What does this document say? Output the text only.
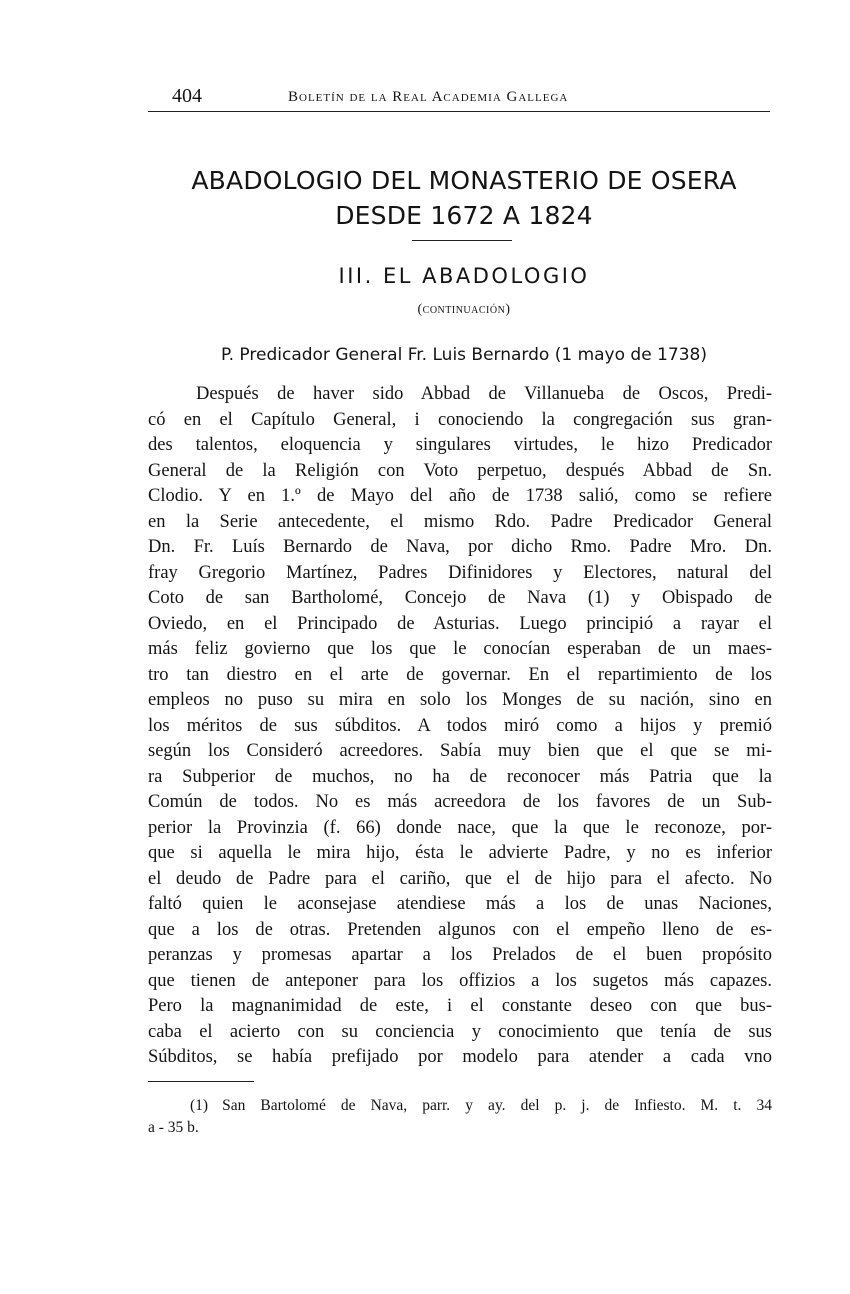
404	Boletín de la Real Academia Gallega
ABADOLOGIO DEL MONASTERIO DE OSERA
DESDE 1672 A 1824
III. EL ABADOLOGIO
(continuación)
P. Predicador General Fr. Luis Bernardo (1 mayo de 1738)
Después de haver sido Abbad de Villanueba de Oscos, Predi-
có en el Capítulo General, i conociendo la congregación sus gran-
des talentos, eloquencia y singulares virtudes, le hizo Predicador
General de la Religión con Voto perpetuo, después Abbad de Sn.
Clodio. Y en 1.º de Mayo del año de 1738 salió, como se refiere
en la Serie antecedente, el mismo Rdo. Padre Predicador General
Dn. Fr. Luís Bernardo de Nava, por dicho Rmo. Padre Mro. Dn.
fray Gregorio Martínez, Padres Difinidores y Electores, natural del
Coto de san Bartholomé, Concejo de Nava (1) y Obispado de
Oviedo, en el Principado de Asturias. Luego principió a rayar el
más feliz govierno que los que le conocían esperaban de un maes-
tro tan diestro en el arte de governar. En el repartimiento de los
empleos no puso su mira en solo los Monges de su nación, sino en
los méritos de sus súbditos. A todos miró como a hijos y premió
según los Consideró acreedores. Sabía muy bien que el que se mi-
ra Subperior de muchos, no ha de reconocer más Patria que la
Común de todos. No es más acreedora de los favores de un Sub-
perior la Provinzia (f. 66) donde nace, que la que le reconoze, por-
que si aquella le mira hijo, ésta le advierte Padre, y no es inferior
el deudo de Padre para el cariño, que el de hijo para el afecto. No
faltó quien le aconsejase atendiese más a los de unas Naciones,
que a los de otras. Pretenden algunos con el empeño lleno de es-
peranzas y promesas apartar a los Prelados de el buen propósito
que tienen de anteponer para los offizios a los sugetos más capazes.
Pero la magnanimidad de este, i el constante deseo con que bus-
caba el acierto con su conciencia y conocimiento que tenía de sus
Súbditos, se había prefijado por modelo para atender a cada vno
(1) San Bartolomé de Nava, parr. y ay. del p. j. de Infiesto. M. t. 34
a - 35 b.
